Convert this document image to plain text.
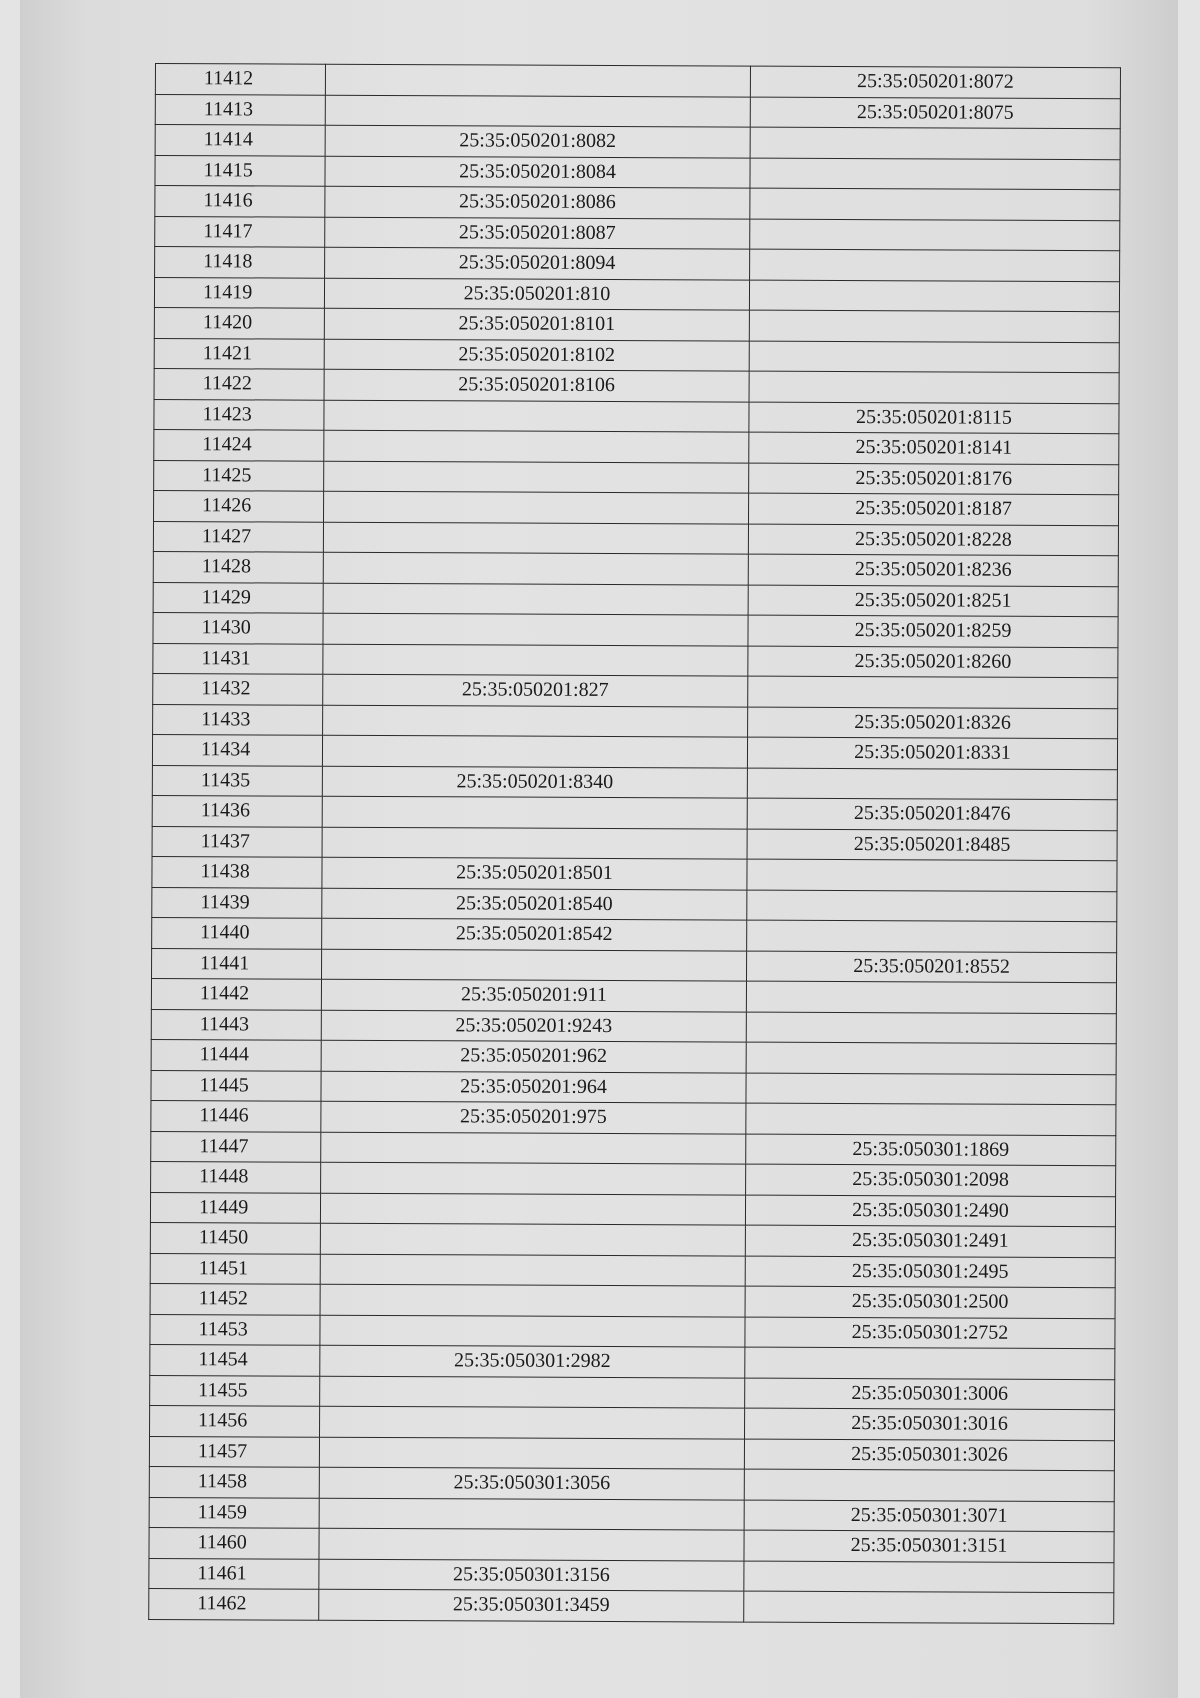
11412		25:35:050201:8072
11413		25:35:050201:8075
11414	25:35:050201:8082	
11415	25:35:050201:8084	
11416	25:35:050201:8086	
11417	25:35:050201:8087	
11418	25:35:050201:8094	
11419	25:35:050201:810	
11420	25:35:050201:8101	
11421	25:35:050201:8102	
11422	25:35:050201:8106	
11423		25:35:050201:8115
11424		25:35:050201:8141
11425		25:35:050201:8176
11426		25:35:050201:8187
11427		25:35:050201:8228
11428		25:35:050201:8236
11429		25:35:050201:8251
11430		25:35:050201:8259
11431		25:35:050201:8260
11432	25:35:050201:827	
11433		25:35:050201:8326
11434		25:35:050201:8331
11435	25:35:050201:8340	
11436		25:35:050201:8476
11437		25:35:050201:8485
11438	25:35:050201:8501	
11439	25:35:050201:8540	
11440	25:35:050201:8542	
11441		25:35:050201:8552
11442	25:35:050201:911	
11443	25:35:050201:9243	
11444	25:35:050201:962	
11445	25:35:050201:964	
11446	25:35:050201:975	
11447		25:35:050301:1869
11448		25:35:050301:2098
11449		25:35:050301:2490
11450		25:35:050301:2491
11451		25:35:050301:2495
11452		25:35:050301:2500
11453		25:35:050301:2752
11454	25:35:050301:2982	
11455		25:35:050301:3006
11456		25:35:050301:3016
11457		25:35:050301:3026
11458	25:35:050301:3056	
11459		25:35:050301:3071
11460		25:35:050301:3151
11461	25:35:050301:3156	
11462	25:35:050301:3459	
